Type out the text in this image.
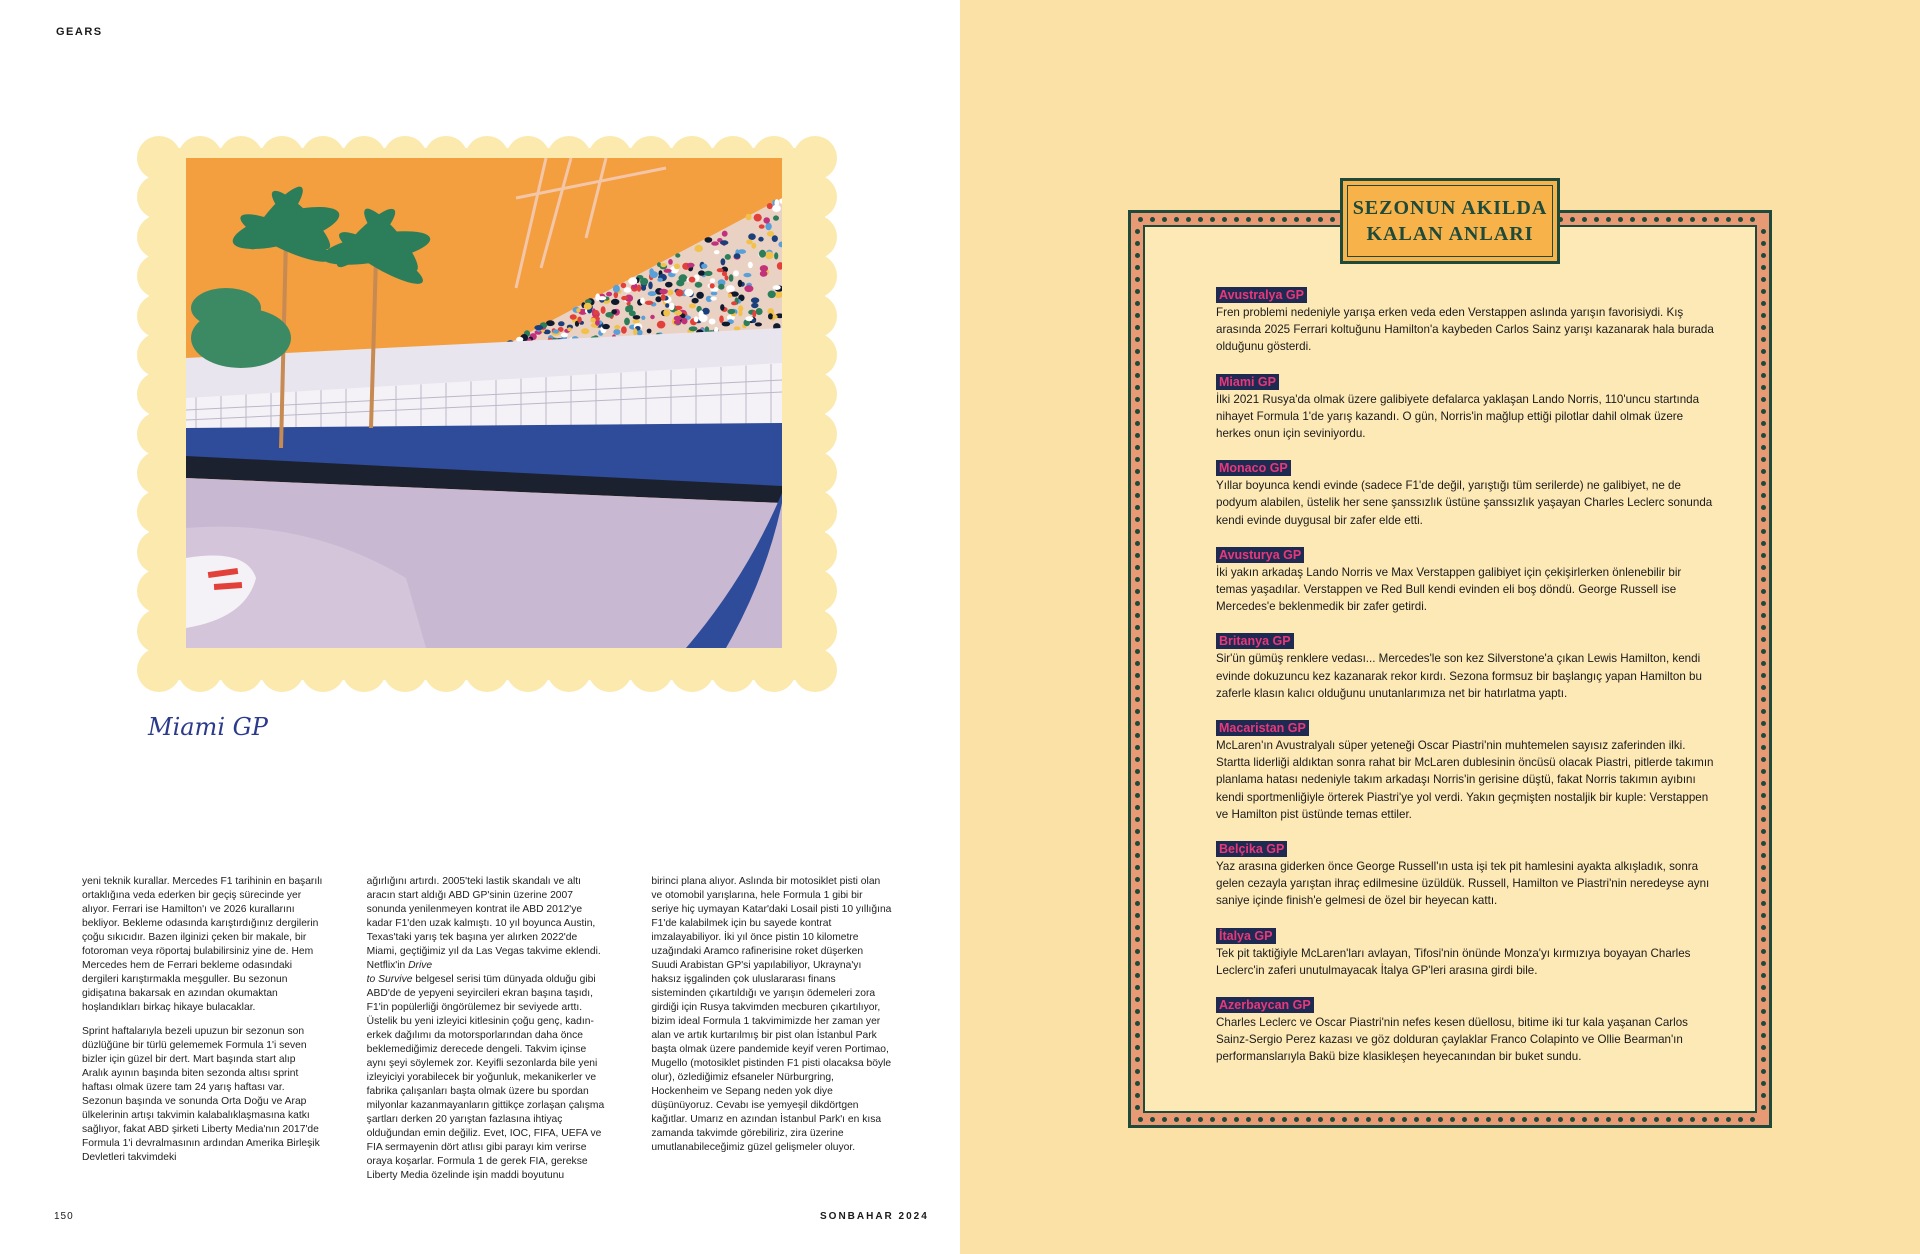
GEARS
Miami GP

yeni teknik kurallar. Mercedes F1 tarihinin en başarılı ortaklığına veda ederken bir geçiş sürecinde yer alıyor. Ferrari ise Hamilton'ı ve 2026 kurallarını bekliyor. Bekleme odasında karıştırdığınız dergilerin çoğu sıkıcıdır. Bazen ilginizi çeken bir makale, bir fotoroman veya röportaj bulabilirsiniz yine de. Hem Mercedes hem de Ferrari bekleme odasındaki dergileri karıştırmakla meşguller. Bu sezonun gidişatına bakarsak en azından okumaktan hoşlandıkları birkaç hikaye bulacaklar.

Sprint haftalarıyla bezeli upuzun bir sezonun son düzlüğüne bir türlü gelememek Formula 1'i seven bizler için güzel bir dert. Mart başında start alıp Aralık ayının başında biten sezonda altısı sprint haftası olmak üzere tam 24 yarış haftası var. Sezonun başında ve sonunda Orta Doğu ve Arap ülkelerinin artışı takvimin kalabalıklaşmasına katkı sağlıyor, fakat ABD şirketi Liberty Media'nın 2017'de Formula 1'i devralmasının ardından Amerika Birleşik Devletleri takvimdeki

ağırlığını artırdı. 2005'teki lastik skandalı ve altı aracın start aldığı ABD GP'sinin üzerine 2007 sonunda yenilenmeyen kontrat ile ABD 2012'ye kadar F1'den uzak kalmıştı. 10 yıl boyunca Austin, Texas'taki yarış tek başına yer alırken 2022'de Miami, geçtiğimiz yıl da Las Vegas takvime eklendi. Netflix'in Drive
to Survive belgesel serisi tüm dünyada olduğu gibi ABD'de de yepyeni seyircileri ekran başına taşıdı, F1'in popülerliği öngörülemez bir seviyede arttı. Üstelik bu yeni izleyici kitlesinin çoğu genç, kadın-erkek dağılımı da motorsporlarından daha önce beklemediğimiz derecede dengeli. Takvim içinse aynı şeyi söylemek zor. Keyifli sezonlarda bile yeni izleyiciyi yorabilecek bir yoğunluk, mekanikerler ve fabrika çalışanları başta olmak üzere bu spordan milyonlar kazanmayanların gittikçe zorlaşan çalışma şartları derken 20 yarıştan fazlasına ihtiyaç olduğundan emin değiliz. Evet, IOC, FIFA, UEFA ve FIA sermayenin dört atlısı gibi parayı kim verirse oraya koşarlar. Formula 1 de gerek FIA, gerekse Liberty Media özelinde işin maddi boyutunu

birinci plana alıyor. Aslında bir motosiklet pisti olan ve otomobil yarışlarına, hele Formula 1 gibi bir seriye hiç uymayan Katar'daki Losail pisti 10 yıllığına F1'de kalabilmek için bu sayede kontrat imzalayabiliyor. İki yıl önce pistin 10 kilometre uzağındaki Aramco rafinerisine roket düşerken Suudi Arabistan GP'si yapılabiliyor, Ukrayna'yı haksız işgalinden çok uluslararası finans sisteminden çıkartıldığı ve yarışın ödemeleri zora girdiği için Rusya takvimden mecburen çıkartılıyor, bizim ideal Formula 1 takvimimizde her zaman yer alan ve artık kurtarılmış bir pist olan İstanbul Park başta olmak üzere pandemide keyif veren Portimao, Mugello (motosiklet pistinden F1 pisti olacaksa böyle olur), özlediğimiz efsaneler Nürburgring, Hockenheim ve Sepang neden yok diye düşünüyoruz. Cevabı ise yemyeşil dikdörtgen kağıtlar. Umarız en azından İstanbul Park'ı en kısa zamanda takvimde görebiliriz, zira üzerine umutlanabileceğimiz güzel gelişmeler oluyor.

150	SONBAHAR 2024
SEZONUN AKILDA
KALAN ANLARI
Avustralya GP

Fren problemi nedeniyle yarışa erken veda eden Verstappen aslında yarışın favorisiydi. Kış arasında 2025 Ferrari koltuğunu Hamilton'a kaybeden Carlos Sainz yarışı kazanarak hala burada olduğunu gösterdi.

Miami GP

İlki 2021 Rusya'da olmak üzere galibiyete defalarca yaklaşan Lando Norris, 110'uncu startında nihayet Formula 1'de yarış kazandı. O gün, Norris'in mağlup ettiği pilotlar dahil olmak üzere herkes onun için seviniyordu.

Monaco GP

Yıllar boyunca kendi evinde (sadece F1'de değil, yarıştığı tüm serilerde) ne galibiyet, ne de podyum alabilen, üstelik her sene şanssızlık üstüne şanssızlık yaşayan Charles Leclerc sonunda kendi evinde duygusal bir zafer elde etti.

Avusturya GP

İki yakın arkadaş Lando Norris ve Max Verstappen galibiyet için çekişirlerken önlenebilir bir temas yaşadılar. Verstappen ve Red Bull kendi evinden eli boş döndü. George Russell ise Mercedes'e beklenmedik bir zafer getirdi.

Britanya GP

Sir'ün gümüş renklere vedası... Mercedes'le son kez Silverstone'a çıkan Lewis Hamilton, kendi evinde dokuzuncu kez kazanarak rekor kırdı. Sezona formsuz bir başlangıç yapan Hamilton bu zaferle klasın kalıcı olduğunu unutanlarımıza net bir hatırlatma yaptı.

Macaristan GP

McLaren'ın Avustralyalı süper yeteneği Oscar Piastri'nin muhtemelen sayısız zaferinden ilki. Startta liderliği aldıktan sonra rahat bir McLaren dublesinin öncüsü olacak Piastri, pitlerde takımın planlama hatası nedeniyle takım arkadaşı Norris'in gerisine düştü, fakat Norris takımın ayıbını kendi sportmenliğiyle örterek Piastri'ye yol verdi. Yakın geçmişten nostaljik bir kuple: Verstappen ve Hamilton pist üstünde temas ettiler.

Belçika GP

Yaz arasına giderken önce George Russell'ın usta işi tek pit hamlesini ayakta alkışladık, sonra gelen cezayla yarıştan ihraç edilmesine üzüldük. Russell, Hamilton ve Piastri'nin neredeyse aynı saniye içinde finish'e gelmesi de özel bir heyecan kattı.

İtalya GP

Tek pit taktiğiyle McLaren'ları avlayan, Tifosi'nin önünde Monza'yı kırmızıya boyayan Charles Leclerc'in zaferi unutulmayacak İtalya GP'leri arasına girdi bile.

Azerbaycan GP

Charles Leclerc ve Oscar Piastri'nin nefes kesen düellosu, bitime iki tur kala yaşanan Carlos Sainz-Sergio Perez kazası ve göz dolduran çaylaklar Franco Colapinto ve Ollie Bearman'ın performanslarıyla Bakü bize klasikleşen heyecanından bir buket sundu.
